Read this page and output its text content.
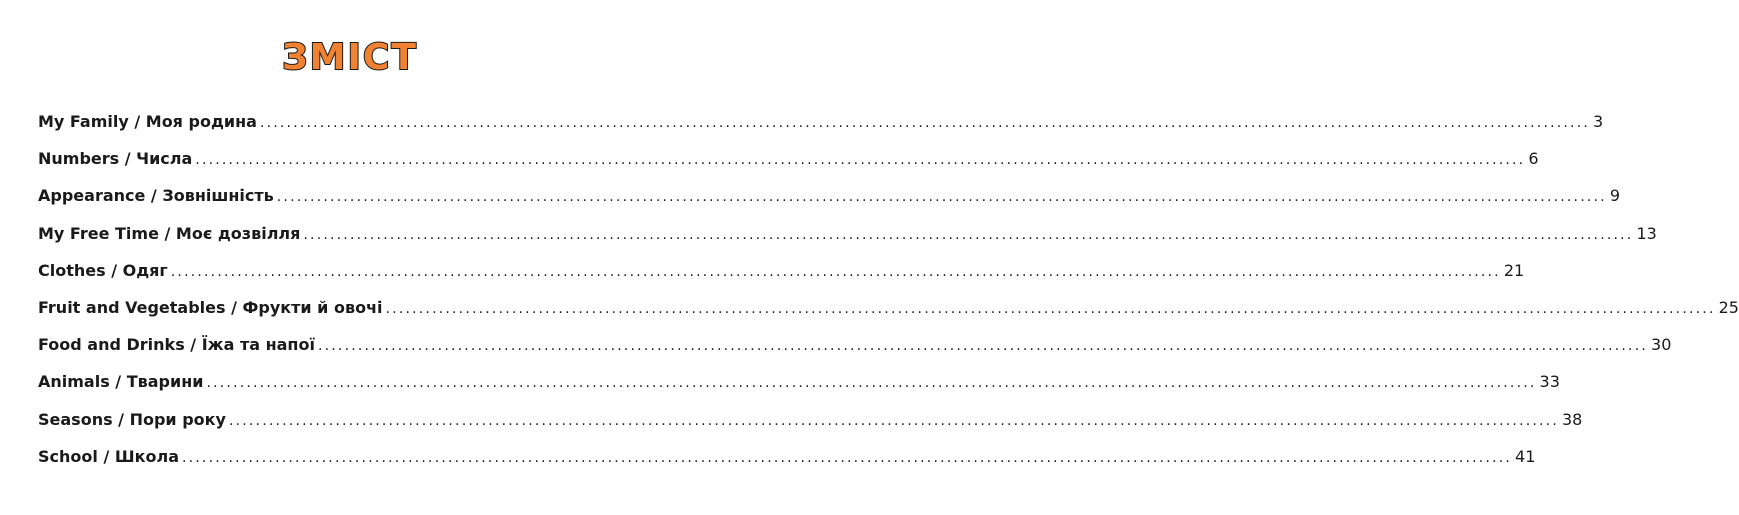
ЗМІСТ
My Family / Моя родина ........................................................................................................................................................................................................ 3
Numbers / Числа ........................................................................................................................................................................................................ 6
Appearance / Зовнішність ........................................................................................................................................................................................................ 9
My Free Time / Моє дозвілля ........................................................................................................................................................................................................ 13
Clothes / Одяг ........................................................................................................................................................................................................ 21
Fruit and Vegetables / Фрукти й овочі ........................................................................................................................................................................................................ 25
Food and Drinks / Їжа та напої ........................................................................................................................................................................................................ 30
Animals / Тварини ........................................................................................................................................................................................................ 33
Seasons / Пори року ........................................................................................................................................................................................................ 38
School / Школа ........................................................................................................................................................................................................ 41
